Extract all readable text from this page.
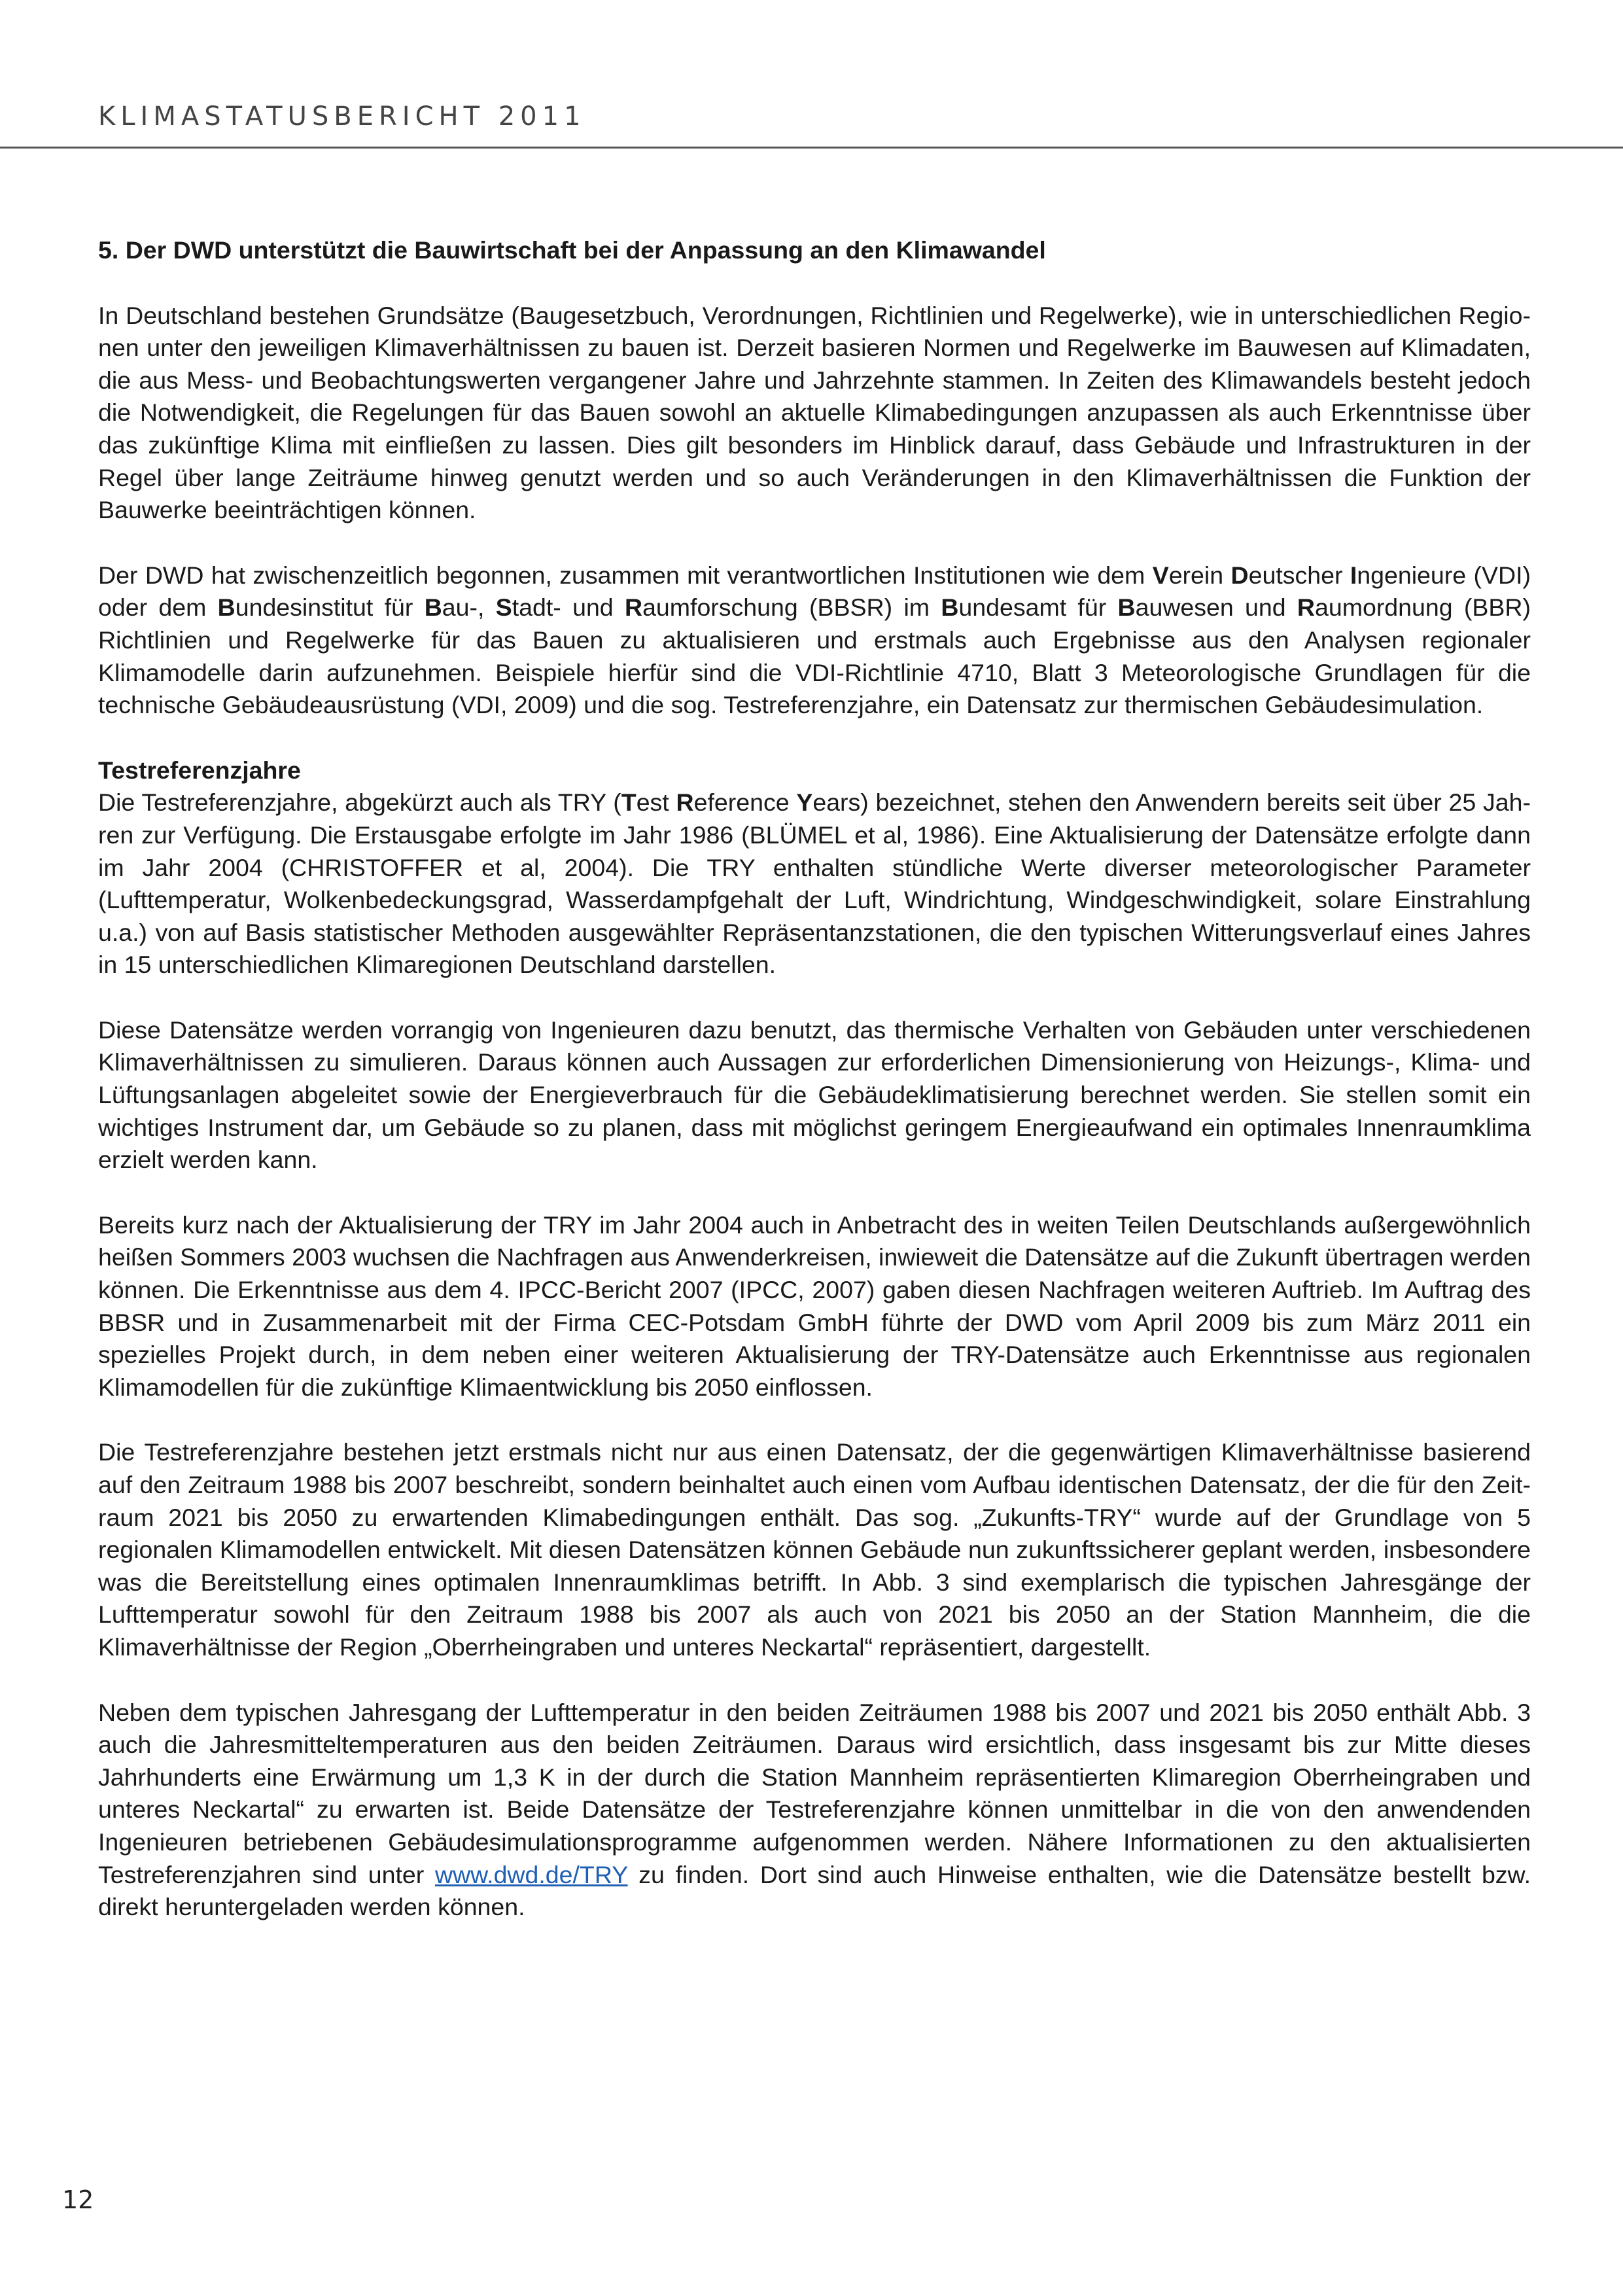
KLIMASTATUSBERICHT 2011
5. Der DWD unterstützt die Bauwirtschaft bei der Anpassung an den Klimawandel

In Deutschland bestehen Grundsätze (Baugesetzbuch, Verordnungen, Richtlinien und Regelwerke), wie in unterschiedlichen Regionen unter den jeweiligen Klimaverhältnissen zu bauen ist. Derzeit basieren Normen und Regelwerke im Bauwesen auf Klimadaten, die aus Mess- und Beobachtungswerten vergangener Jahre und Jahrzehnte stammen. In Zeiten des Klimawandels besteht jedoch die Notwendigkeit, die Regelungen für das Bauen sowohl an aktuelle Klimabedingungen anzupassen als auch Erkenntnisse über das zukünftige Klima mit einfließen zu lassen. Dies gilt besonders im Hinblick darauf, dass Gebäude und Infrastrukturen in der Regel über lange Zeiträume hinweg genutzt werden und so auch Veränderungen in den Klimaverhältnissen die Funktion der Bauwerke beeinträchtigen können.

Der DWD hat zwischenzeitlich begonnen, zusammen mit verantwortlichen Institutionen wie dem Verein Deutscher Ingenieure (VDI) oder dem Bundesinstitut für Bau-, Stadt- und Raumforschung (BBSR) im Bundesamt für Bauwesen und Raumordnung (BBR) Richtlinien und Regelwerke für das Bauen zu aktualisieren und erstmals auch Ergebnisse aus den Analysen regionaler Klimamodelle darin aufzunehmen. Beispiele hierfür sind die VDI-Richtlinie 4710, Blatt 3 Meteorologische Grundlagen für die technische Gebäudeausrüstung (VDI, 2009) und die sog. Testreferenzjahre, ein Datensatz zur thermischen Gebäudesimulation.

Testreferenzjahre

Die Testreferenzjahre, abgekürzt auch als TRY (Test Reference Years) bezeichnet, stehen den Anwendern bereits seit über 25 Jahren zur Verfügung. Die Erstausgabe erfolgte im Jahr 1986 (BLÜMEL et al, 1986). Eine Aktualisierung der Datensätze erfolgte dann im Jahr 2004 (CHRISTOFFER et al, 2004). Die TRY enthalten stündliche Werte diverser meteorologischer Parameter (Lufttemperatur, Wolkenbedeckungsgrad, Wasserdampfgehalt der Luft, Windrichtung, Windgeschwindigkeit, solare Einstrahlung u.a.) von auf Basis statistischer Methoden ausgewählter Repräsentanzstationen, die den typischen Witterungsverlauf eines Jahres in 15 unterschiedlichen Klimaregionen Deutschland darstellen.

Diese Datensätze werden vorrangig von Ingenieuren dazu benutzt, das thermische Verhalten von Gebäuden unter verschiedenen Klimaverhältnissen zu simulieren. Daraus können auch Aussagen zur erforderlichen Dimensionierung von Heizungs-, Klima- und Lüftungsanlagen abgeleitet sowie der Energieverbrauch für die Gebäudeklimatisierung berechnet werden. Sie stellen somit ein wichtiges Instrument dar, um Gebäude so zu planen, dass mit möglichst geringem Energieaufwand ein optimales Innenraumklima erzielt werden kann.

Bereits kurz nach der Aktualisierung der TRY im Jahr 2004 auch in Anbetracht des in weiten Teilen Deutschlands außergewöhnlich heißen Sommers 2003 wuchsen die Nachfragen aus Anwenderkreisen, inwieweit die Datensätze auf die Zukunft übertragen werden können. Die Erkenntnisse aus dem 4. IPCC-Bericht 2007 (IPCC, 2007) gaben diesen Nachfragen weiteren Auftrieb. Im Auftrag des BBSR und in Zusammenarbeit mit der Firma CEC-Potsdam GmbH führte der DWD vom April 2009 bis zum März 2011 ein spezielles Projekt durch, in dem neben einer weiteren Aktualisierung der TRY-Datensätze auch Erkenntnisse aus regionalen Klimamodellen für die zukünftige Klimaentwicklung bis 2050 einflossen.

Die Testreferenzjahre bestehen jetzt erstmals nicht nur aus einen Datensatz, der die gegenwärtigen Klimaverhältnisse basierend auf den Zeitraum 1988 bis 2007 beschreibt, sondern beinhaltet auch einen vom Aufbau identischen Datensatz, der die für den Zeitraum 2021 bis 2050 zu erwartenden Klimabedingungen enthält. Das sog. „Zukunfts-TRY“ wurde auf der Grundlage von 5 regionalen Klimamodellen entwickelt. Mit diesen Datensätzen können Gebäude nun zukunftssicherer geplant werden, insbesondere was die Bereitstellung eines optimalen Innenraumklimas betrifft. In Abb. 3 sind exemplarisch die typischen Jahresgänge der Lufttemperatur sowohl für den Zeitraum 1988 bis 2007 als auch von 2021 bis 2050 an der Station Mannheim, die die Klimaverhältnisse der Region „Oberrheingraben und unteres Neckartal“ repräsentiert, dargestellt.

Neben dem typischen Jahresgang der Lufttemperatur in den beiden Zeiträumen 1988 bis 2007 und 2021 bis 2050 enthält Abb. 3 auch die Jahresmitteltemperaturen aus den beiden Zeiträumen. Daraus wird ersichtlich, dass insgesamt bis zur Mitte dieses Jahrhunderts eine Erwärmung um 1,3 K in der durch die Station Mannheim repräsentierten Klimaregion Oberrheingraben und unteres Neckartal“ zu erwarten ist. Beide Datensätze der Testreferenzjahre können unmittelbar in die von den anwendenden Ingenieuren betriebenen Gebäudesimulationsprogramme aufgenommen werden. Nähere Informationen zu den aktualisierten Testreferenzjahren sind unter www.dwd.de/TRY zu finden. Dort sind auch Hinweise enthalten, wie die Datensätze bestellt bzw. direkt heruntergeladen werden können.

12
